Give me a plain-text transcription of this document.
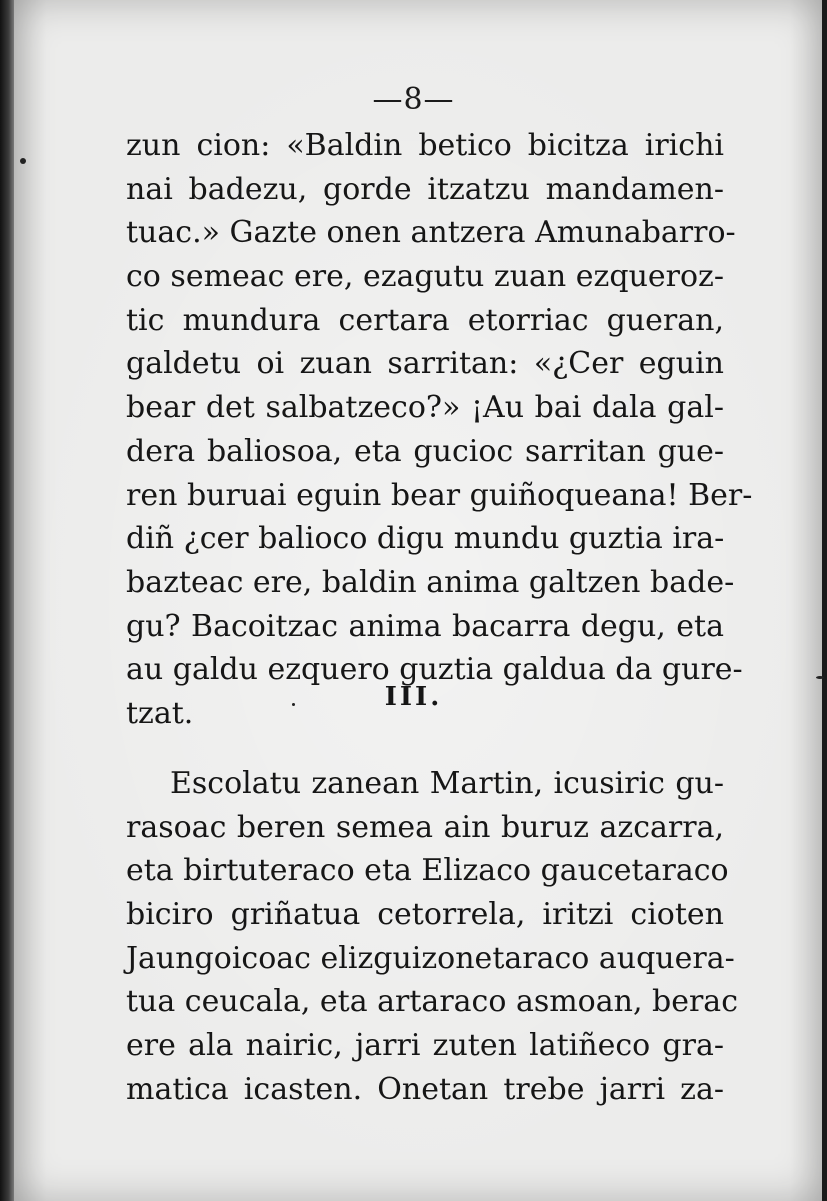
—8—
zun cion: «Baldin betico bicitza irichi
nai badezu, gorde itzatzu mandamen-
tuac.» Gazte onen antzera Amunabarro-
co semeac ere, ezagutu zuan ezqueroz-
tic mundura certara etorriac gueran,
galdetu oi zuan sarritan: «¿Cer eguin
bear det salbatzeco?» ¡Au bai dala gal-
dera baliosoa, eta gucioc sarritan gue-
ren buruai eguin bear guiñoqueana! Ber-
diñ ¿cer balioco digu mundu guztia ira-
bazteac ere, baldin anima galtzen bade-
gu? Bacoitzac anima bacarra degu, eta
au galdu ezquero guztia galdua da gure-
tzat.	III.
Escolatu zanean Martin, icusiric gu-
rasoac beren semea ain buruz azcarra,
eta birtuteraco eta Elizaco gaucetaraco
biciro griñatua cetorrela, iritzi cioten
Jaungoicoac elizguizonetaraco auquera-
tua ceucala, eta artaraco asmoan, berac
ere ala nairic, jarri zuten latiñeco gra-
matica icasten. Onetan trebe jarri za-
